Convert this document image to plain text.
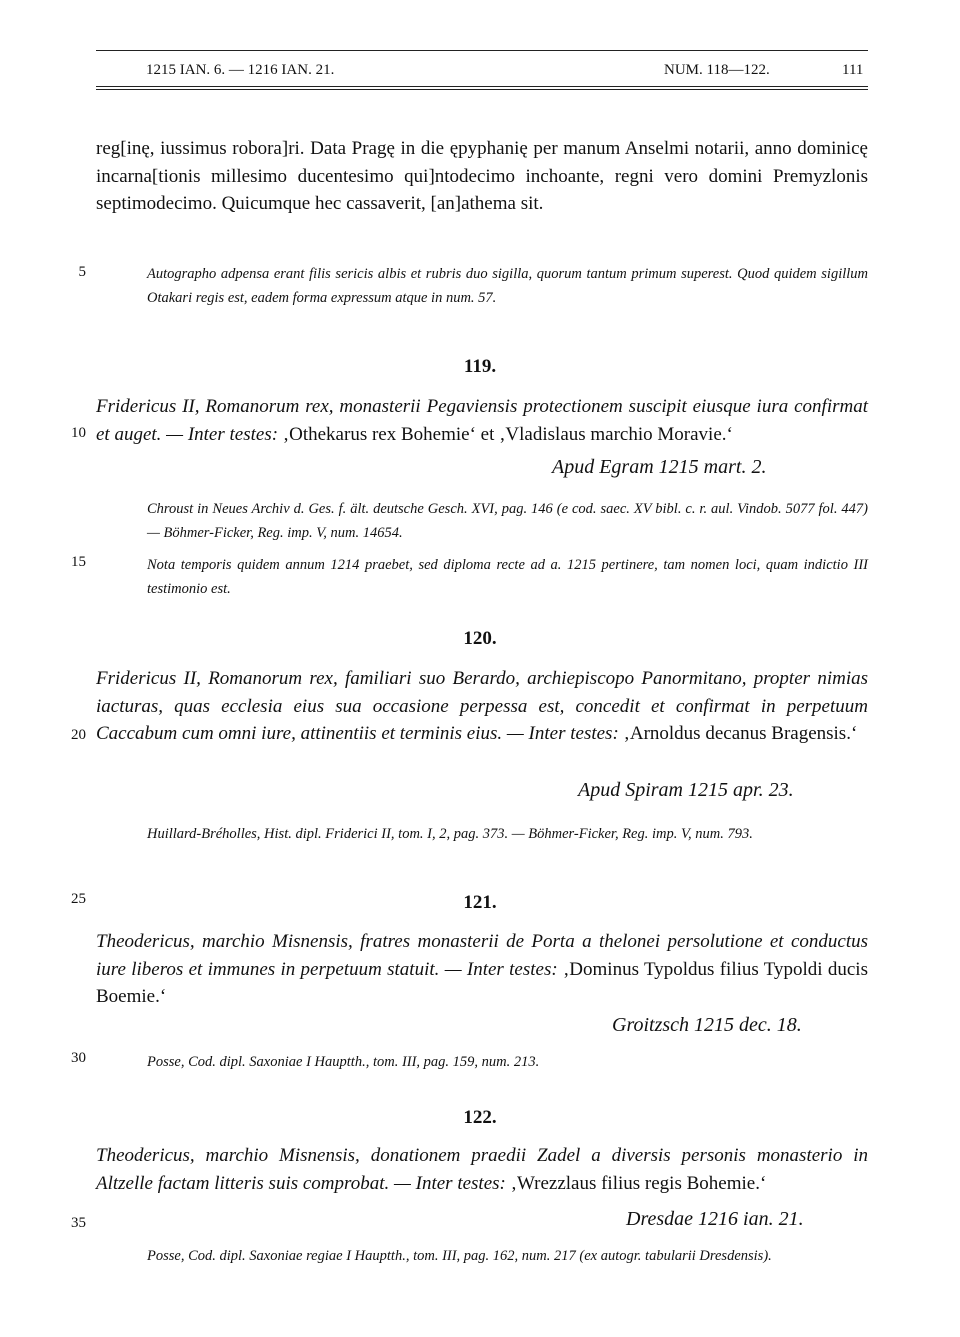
1215 IAN. 6. — 1216 IAN. 21.	NUM. 118—122.	111
5
10
15
20
25
30
35

reg[inę, iussimus robora]ri. Data Pragę in die ępyphanię per manum Anselmi notarii, anno dominicę incarna[tionis millesimo ducentesimo qui]ntodecimo inchoante, regni vero domini Premyzlonis septimodecimo. Quicumque hec cassaverit, [an]athema sit.

Autographo adpensa erant filis sericis albis et rubris duo sigilla, quorum tantum primum superest. Quod quidem sigillum Otakari regis est, eadem forma expressum atque in num. 57.

119.

Fridericus II, Romanorum rex, monasterii Pegaviensis protectionem suscipit eiusque iura confirmat et auget. — Inter testes: ‚Othekarus rex Bohemie‘ et ‚Vladislaus marchio Moravie.‘

Apud Egram 1215 mart. 2.

Chroust in Neues Archiv d. Ges. f. ält. deutsche Gesch. XVI, pag. 146 (e cod. saec. XV bibl. c. r. aul. Vindob. 5077 fol. 447) — Böhmer-Ficker, Reg. imp. V, num. 14654.

Nota temporis quidem annum 1214 praebet, sed diploma recte ad a. 1215 pertinere, tam nomen loci, quam indictio III testimonio est.

120.

Fridericus II, Romanorum rex, familiari suo Berardo, archiepiscopo Panormitano, propter nimias iacturas, quas ecclesia eius sua occasione perpessa est, concedit et confirmat in perpetuum Caccabum cum omni iure, attinentiis et terminis eius. — Inter testes: ‚Arnoldus decanus Bragensis.‘

Apud Spiram 1215 apr. 23.

Huillard-Bréholles, Hist. dipl. Friderici II, tom. I, 2, pag. 373. — Böhmer-Ficker, Reg. imp. V, num. 793.

121.

Theodericus, marchio Misnensis, fratres monasterii de Porta a thelonei persolutione et conductus iure liberos et immunes in perpetuum statuit. — Inter testes: ‚Dominus Typoldus filius Typoldi ducis Boemie.‘

Groitzsch 1215 dec. 18.

Posse, Cod. dipl. Saxoniae I Hauptth., tom. III, pag. 159, num. 213.

122.

Theodericus, marchio Misnensis, donationem praedii Zadel a diversis personis monasterio in Altzelle factam litteris suis comprobat. — Inter testes: ‚Wrezzlaus filius regis Bohemie.‘

Dresdae 1216 ian. 21.

Posse, Cod. dipl. Saxoniae regiae I Hauptth., tom. III, pag. 162, num. 217 (ex autogr. tabularii Dresdensis).
